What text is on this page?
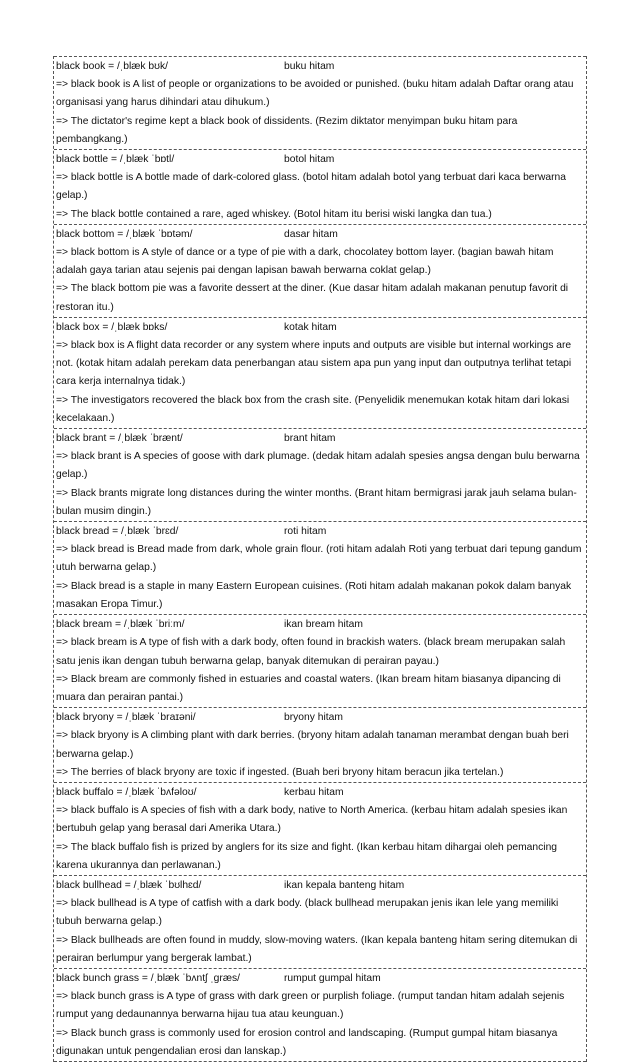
black book = /ˌblæk bʊk/	buku hitam

=> black book is A list of people or organizations to be avoided or punished. (buku hitam adalah Daftar orang atau organisasi yang harus dihindari atau dihukum.)

=> The dictator's regime kept a black book of dissidents. (Rezim diktator menyimpan buku hitam para pembangkang.)

black bottle = /ˌblæk ˈbɒtl/	botol hitam

=> black bottle is A bottle made of dark-colored glass. (botol hitam adalah botol yang terbuat dari kaca berwarna gelap.)

=> The black bottle contained a rare, aged whiskey. (Botol hitam itu berisi wiski langka dan tua.)

black bottom = /ˌblæk ˈbɒtəm/	dasar hitam

=> black bottom is A style of dance or a type of pie with a dark, chocolatey bottom layer. (bagian bawah hitam adalah gaya tarian atau sejenis pai dengan lapisan bawah berwarna coklat gelap.)

=> The black bottom pie was a favorite dessert at the diner. (Kue dasar hitam adalah makanan penutup favorit di restoran itu.)

black box = /ˌblæk bɒks/	kotak hitam

=> black box is A flight data recorder or any system where inputs and outputs are visible but internal workings are not. (kotak hitam adalah perekam data penerbangan atau sistem apa pun yang input dan outputnya terlihat tetapi cara kerja internalnya tidak.)

=> The investigators recovered the black box from the crash site. (Penyelidik menemukan kotak hitam dari lokasi kecelakaan.)

black brant = /ˌblæk ˈbrænt/	brant hitam

=> black brant is A species of goose with dark plumage. (dedak hitam adalah spesies angsa dengan bulu berwarna gelap.)

=> Black brants migrate long distances during the winter months. (Brant hitam bermigrasi jarak jauh selama bulan-bulan musim dingin.)

black bread = /ˌblæk ˈbrɛd/	roti hitam

=> black bread is Bread made from dark, whole grain flour. (roti hitam adalah Roti yang terbuat dari tepung gandum utuh berwarna gelap.)

=> Black bread is a staple in many Eastern European cuisines. (Roti hitam adalah makanan pokok dalam banyak masakan Eropa Timur.)

black bream = /ˌblæk ˈbriːm/	ikan bream hitam

=> black bream is A type of fish with a dark body, often found in brackish waters. (black bream merupakan salah satu jenis ikan dengan tubuh berwarna gelap, banyak ditemukan di perairan payau.)

=> Black bream are commonly fished in estuaries and coastal waters. (Ikan bream hitam biasanya dipancing di muara dan perairan pantai.)

black bryony = /ˌblæk ˈbraɪəni/	bryony hitam

=> black bryony is A climbing plant with dark berries. (bryony hitam adalah tanaman merambat dengan buah beri berwarna gelap.)

=> The berries of black bryony are toxic if ingested. (Buah beri bryony hitam beracun jika tertelan.)

black buffalo = /ˌblæk ˈbʌfəloʊ/	kerbau hitam

=> black buffalo is A species of fish with a dark body, native to North America. (kerbau hitam adalah spesies ikan bertubuh gelap yang berasal dari Amerika Utara.)

=> The black buffalo fish is prized by anglers for its size and fight. (Ikan kerbau hitam dihargai oleh pemancing karena ukurannya dan perlawanan.)

black bullhead = /ˌblæk ˈbʊlhɛd/	ikan kepala banteng hitam

=> black bullhead is A type of catfish with a dark body. (black bullhead merupakan jenis ikan lele yang memiliki tubuh berwarna gelap.)

=> Black bullheads are often found in muddy, slow-moving waters. (Ikan kepala banteng hitam sering ditemukan di perairan berlumpur yang bergerak lambat.)

black bunch grass = /ˌblæk ˈbʌntʃ ˌɡræs/	rumput gumpal hitam

=> black bunch grass is A type of grass with dark green or purplish foliage. (rumput tandan hitam adalah sejenis rumput yang dedaunannya berwarna hijau tua atau keunguan.)

=> Black bunch grass is commonly used for erosion control and landscaping. (Rumput gumpal hitam biasanya digunakan untuk pengendalian erosi dan lanskap.)
